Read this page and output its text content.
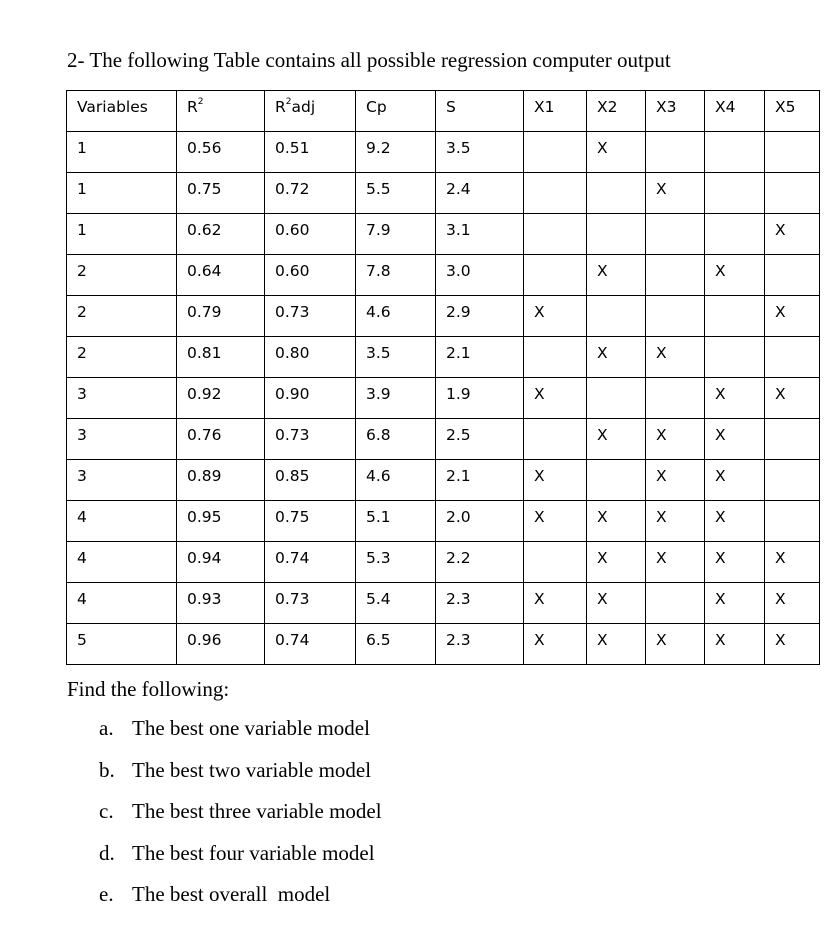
2- The following Table contains all possible regression computer output
Variables	$R^2$	$R^2adj$	Cp	S	X1	X2	X3	X4	X5

1	0.56	0.51	9.2	3.5		X			

1	0.75	0.72	5.5	2.4			X		

1	0.62	0.60	7.9	3.1					X

2	0.64	0.60	7.8	3.0		X		X	

2	0.79	0.73	4.6	2.9	X				X

2	0.81	0.80	3.5	2.1		X	X		

3	0.92	0.90	3.9	1.9	X			X	X

3	0.76	0.73	6.8	2.5		X	X	X	

3	0.89	0.85	4.6	2.1	X		X	X	

4	0.95	0.75	5.1	2.0	X	X	X	X	

4	0.94	0.74	5.3	2.2		X	X	X	X

4	0.93	0.73	5.4	2.3	X	X		X	X

5	0.96	0.74	6.5	2.3	X	X	X	X	X
Find the following:
a. The best one variable model
b. The best two variable model
c. The best three variable model
d. The best four variable model
e. The best overall  model
